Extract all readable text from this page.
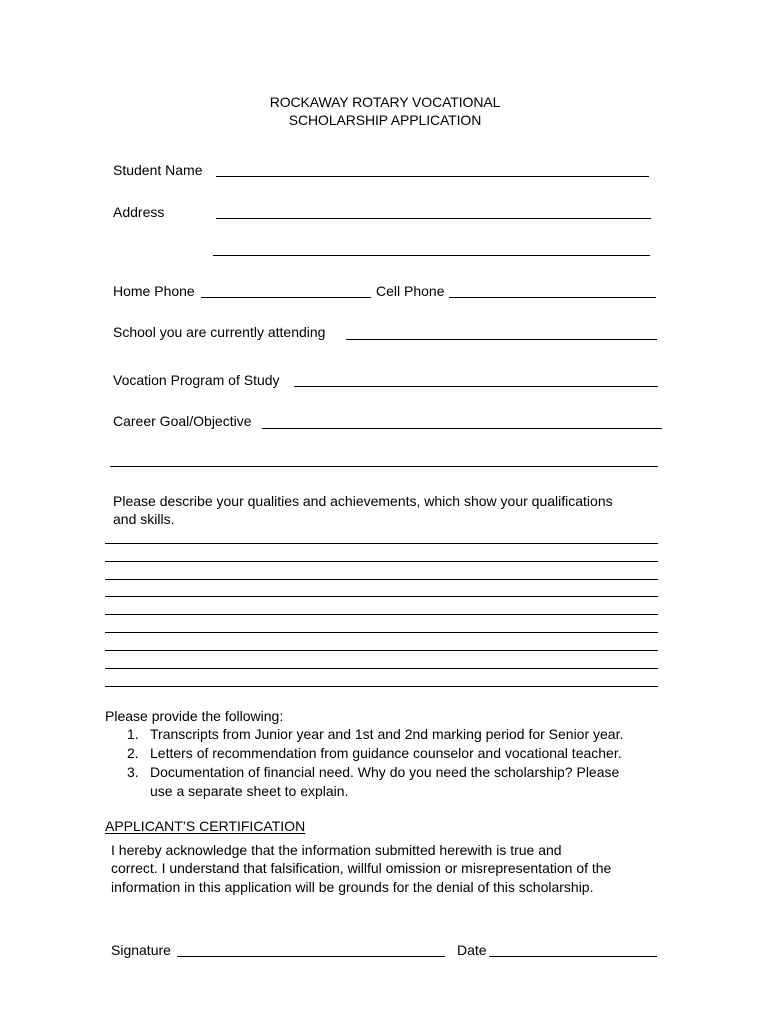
ROCKAWAY ROTARY VOCATIONAL
SCHOLARSHIP APPLICATION
Student Name
Address
Home Phone	Cell Phone
School you are currently attending
Vocation Program of Study
Career Goal/Objective
Please describe your qualities and achievements, which show your qualifications
and skills.
Please provide the following:
1. Transcripts from Junior year and 1st and 2nd marking period for Senior year.
2. Letters of recommendation from guidance counselor and vocational teacher.
3. Documentation of financial need. Why do you need the scholarship? Please
use a separate sheet to explain.
APPLICANT’S CERTIFICATION
I hereby acknowledge that the information submitted herewith is true and
correct. I understand that falsification, willful omission or misrepresentation of the
information in this application will be grounds for the denial of this scholarship.
Signature	Date
